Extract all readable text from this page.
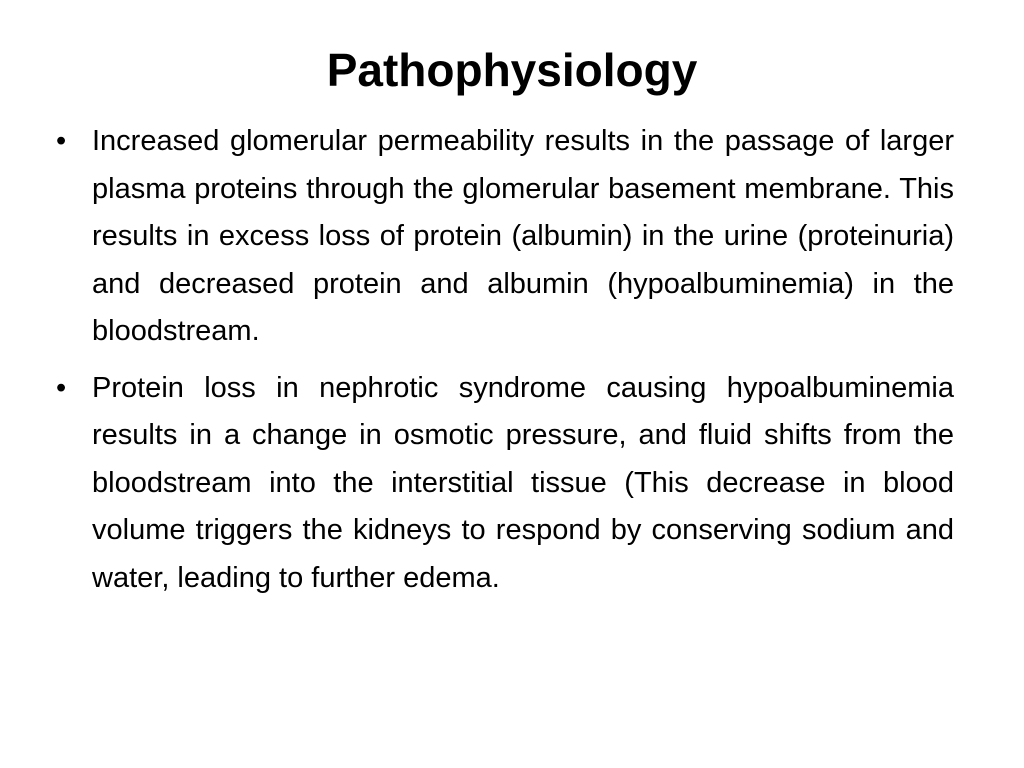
Pathophysiology
• Increased glomerular permeability results in the passage of larger plasma proteins through the glomerular basement membrane. This results in excess loss of protein (albumin) in the urine (proteinuria) and decreased protein and albumin (hypoalbuminemia) in the bloodstream.
• Protein loss in nephrotic syndrome causing hypoalbuminemia results in a change in osmotic pressure, and fluid shifts from the bloodstream into the interstitial tissue (This decrease in blood volume triggers the kidneys to respond by conserving sodium and water, leading to further edema.
